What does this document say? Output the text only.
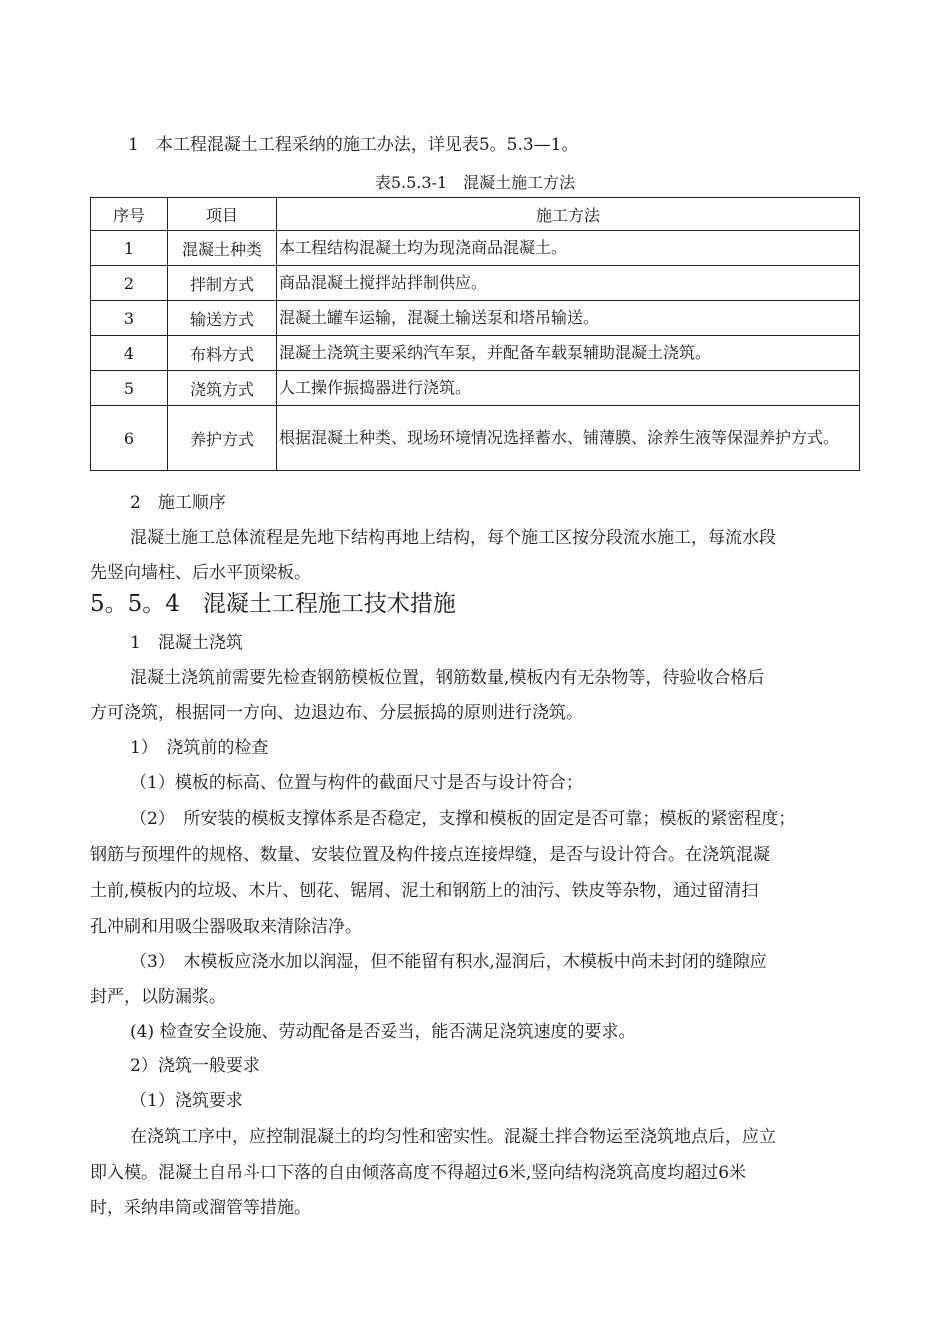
1　本工程混凝土工程采纳的施工办法，详见表5。5.3—1。
表5.5.3-1　混凝土施工方法
序号	项目	施工方法
1	混凝土种类	本工程结构混凝土均为现浇商品混凝土。
2	拌制方式	商品混凝土搅拌站拌制供应。
3	输送方式	混凝土罐车运输，混凝土输送泵和塔吊输送。
4	布料方式	混凝土浇筑主要采纳汽车泵，并配备车载泵辅助混凝土浇筑。
5	浇筑方式	人工操作振捣器进行浇筑。
6	养护方式	根据混凝土种类、现场环境情况选择蓄水、铺薄膜、涂养生液等保湿养护方式。
2　施工顺序
混凝土施工总体流程是先地下结构再地上结构，每个施工区按分段流水施工，每流水段
先竖向墙柱、后水平顶梁板。
5。5。4　混凝土工程施工技术措施
1　混凝土浇筑
混凝土浇筑前需要先检查钢筋模板位置，钢筋数量,模板内有无杂物等，待验收合格后
方可浇筑，根据同一方向、边退边布、分层振捣的原则进行浇筑。
1）　浇筑前的检查
（1）模板的标高、位置与构件的截面尺寸是否与设计符合；
（2）　所安装的模板支撑体系是否稳定，支撑和模板的固定是否可靠；模板的紧密程度；
钢筋与预埋件的规格、数量、安装位置及构件接点连接焊缝，是否与设计符合。在浇筑混凝
土前,模板内的垃圾、木片、刨花、锯屑、泥土和钢筋上的油污、铁皮等杂物，通过留清扫
孔冲刷和用吸尘器吸取来清除洁净。
（3）　木模板应浇水加以润湿，但不能留有积水,湿润后，木模板中尚未封闭的缝隙应
封严，以防漏浆。
(4) 检查安全设施、劳动配备是否妥当，能否满足浇筑速度的要求。
2）浇筑一般要求
（1）浇筑要求
在浇筑工序中，应控制混凝土的均匀性和密实性。混凝土拌合物运至浇筑地点后，应立
即入模。混凝土自吊斗口下落的自由倾落高度不得超过6米,竖向结构浇筑高度均超过6米
时，采纳串筒或溜管等措施。
